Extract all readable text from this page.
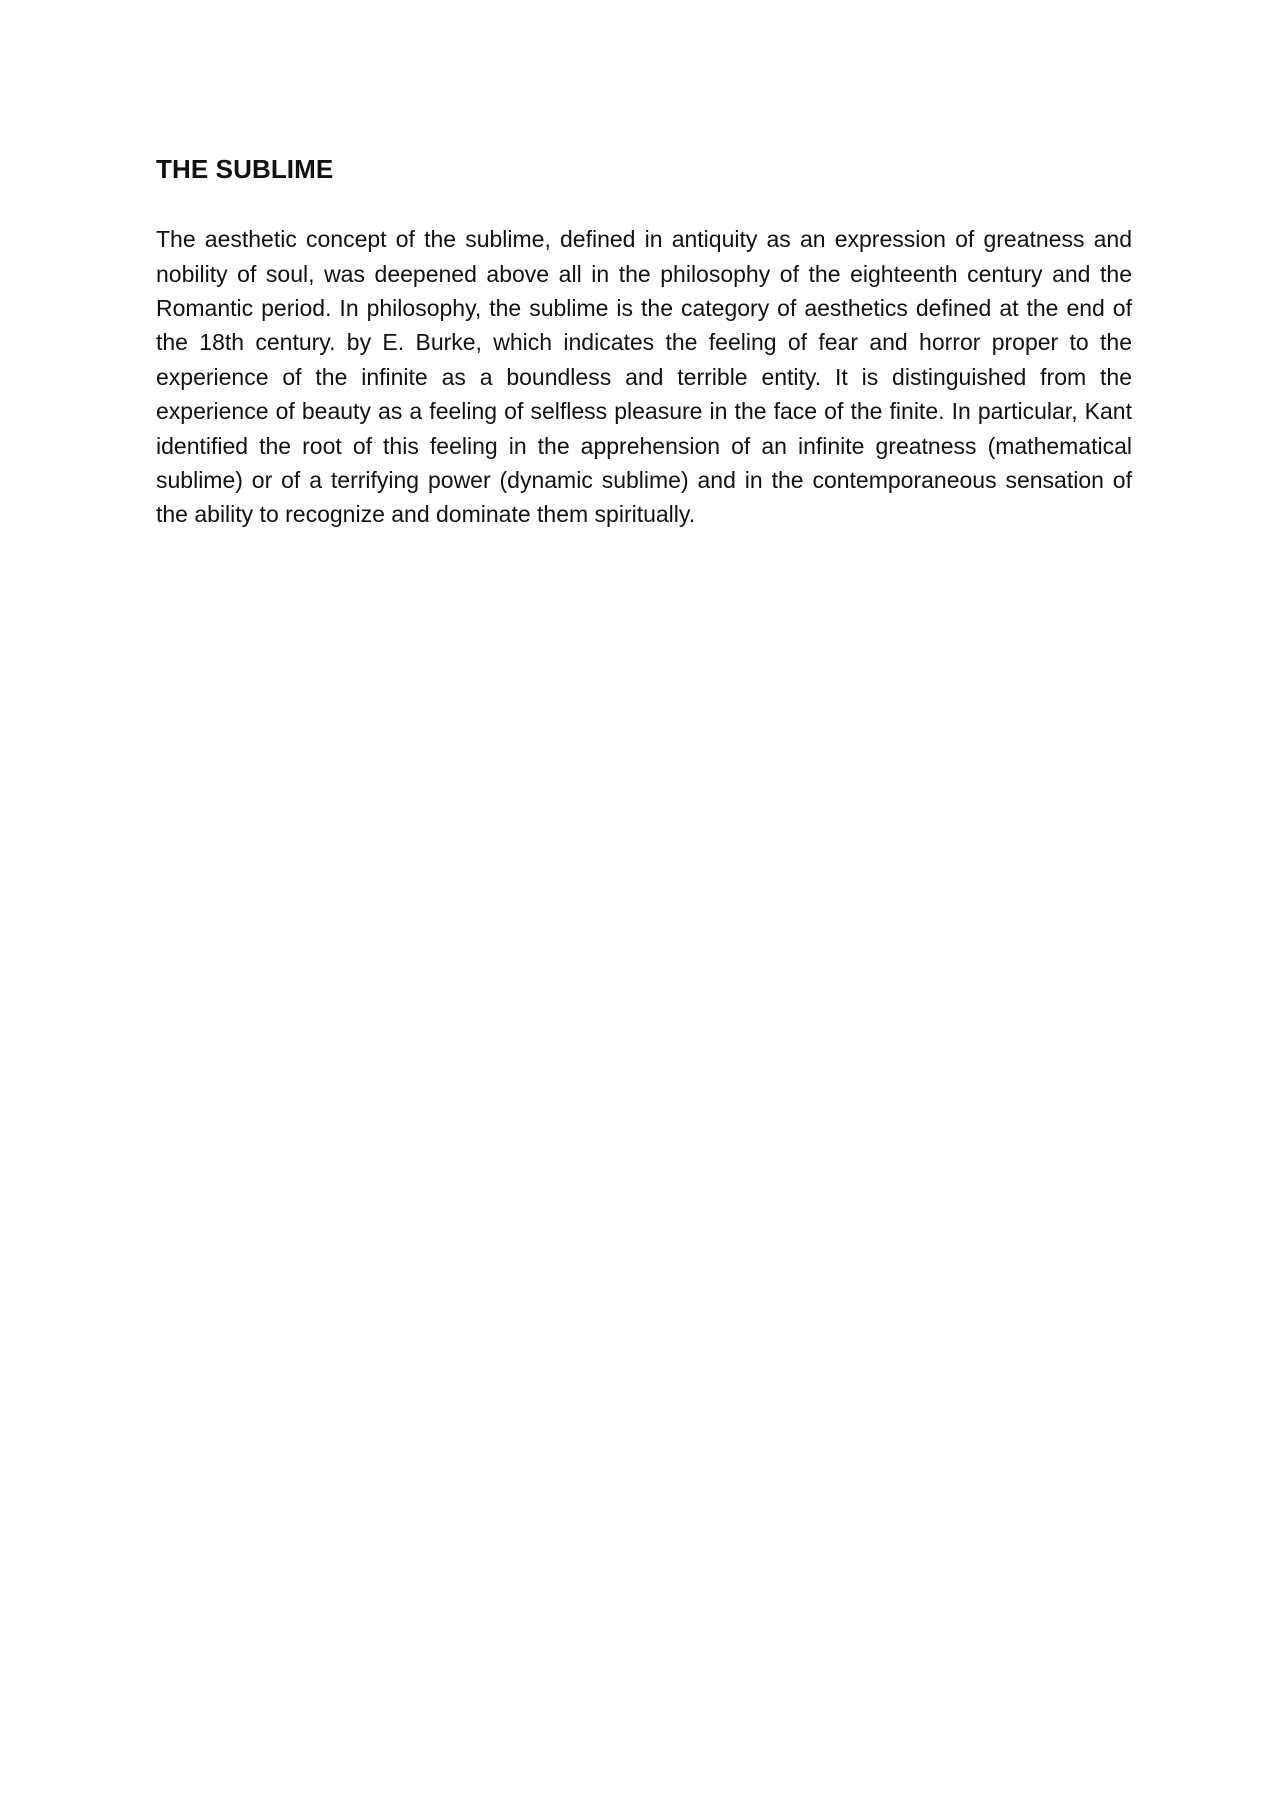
THE SUBLIME

The aesthetic concept of the sublime, defined in antiquity as an expression of greatness and nobility of soul, was deepened above all in the philosophy of the eighteenth century and the Romantic period. In philosophy, the sublime is the category of aesthetics defined at the end of the 18th century. by E. Burke, which indicates the feeling of fear and horror proper to the experience of the infinite as a boundless and terrible entity. It is distinguished from the experience of beauty as a feeling of selfless pleasure in the face of the finite. In particular, Kant identified the root of this feeling in the apprehension of an infinite greatness (mathematical sublime) or of a terrifying power (dynamic sublime) and in the contemporaneous sensation of the ability to recognize and dominate them spiritually.
